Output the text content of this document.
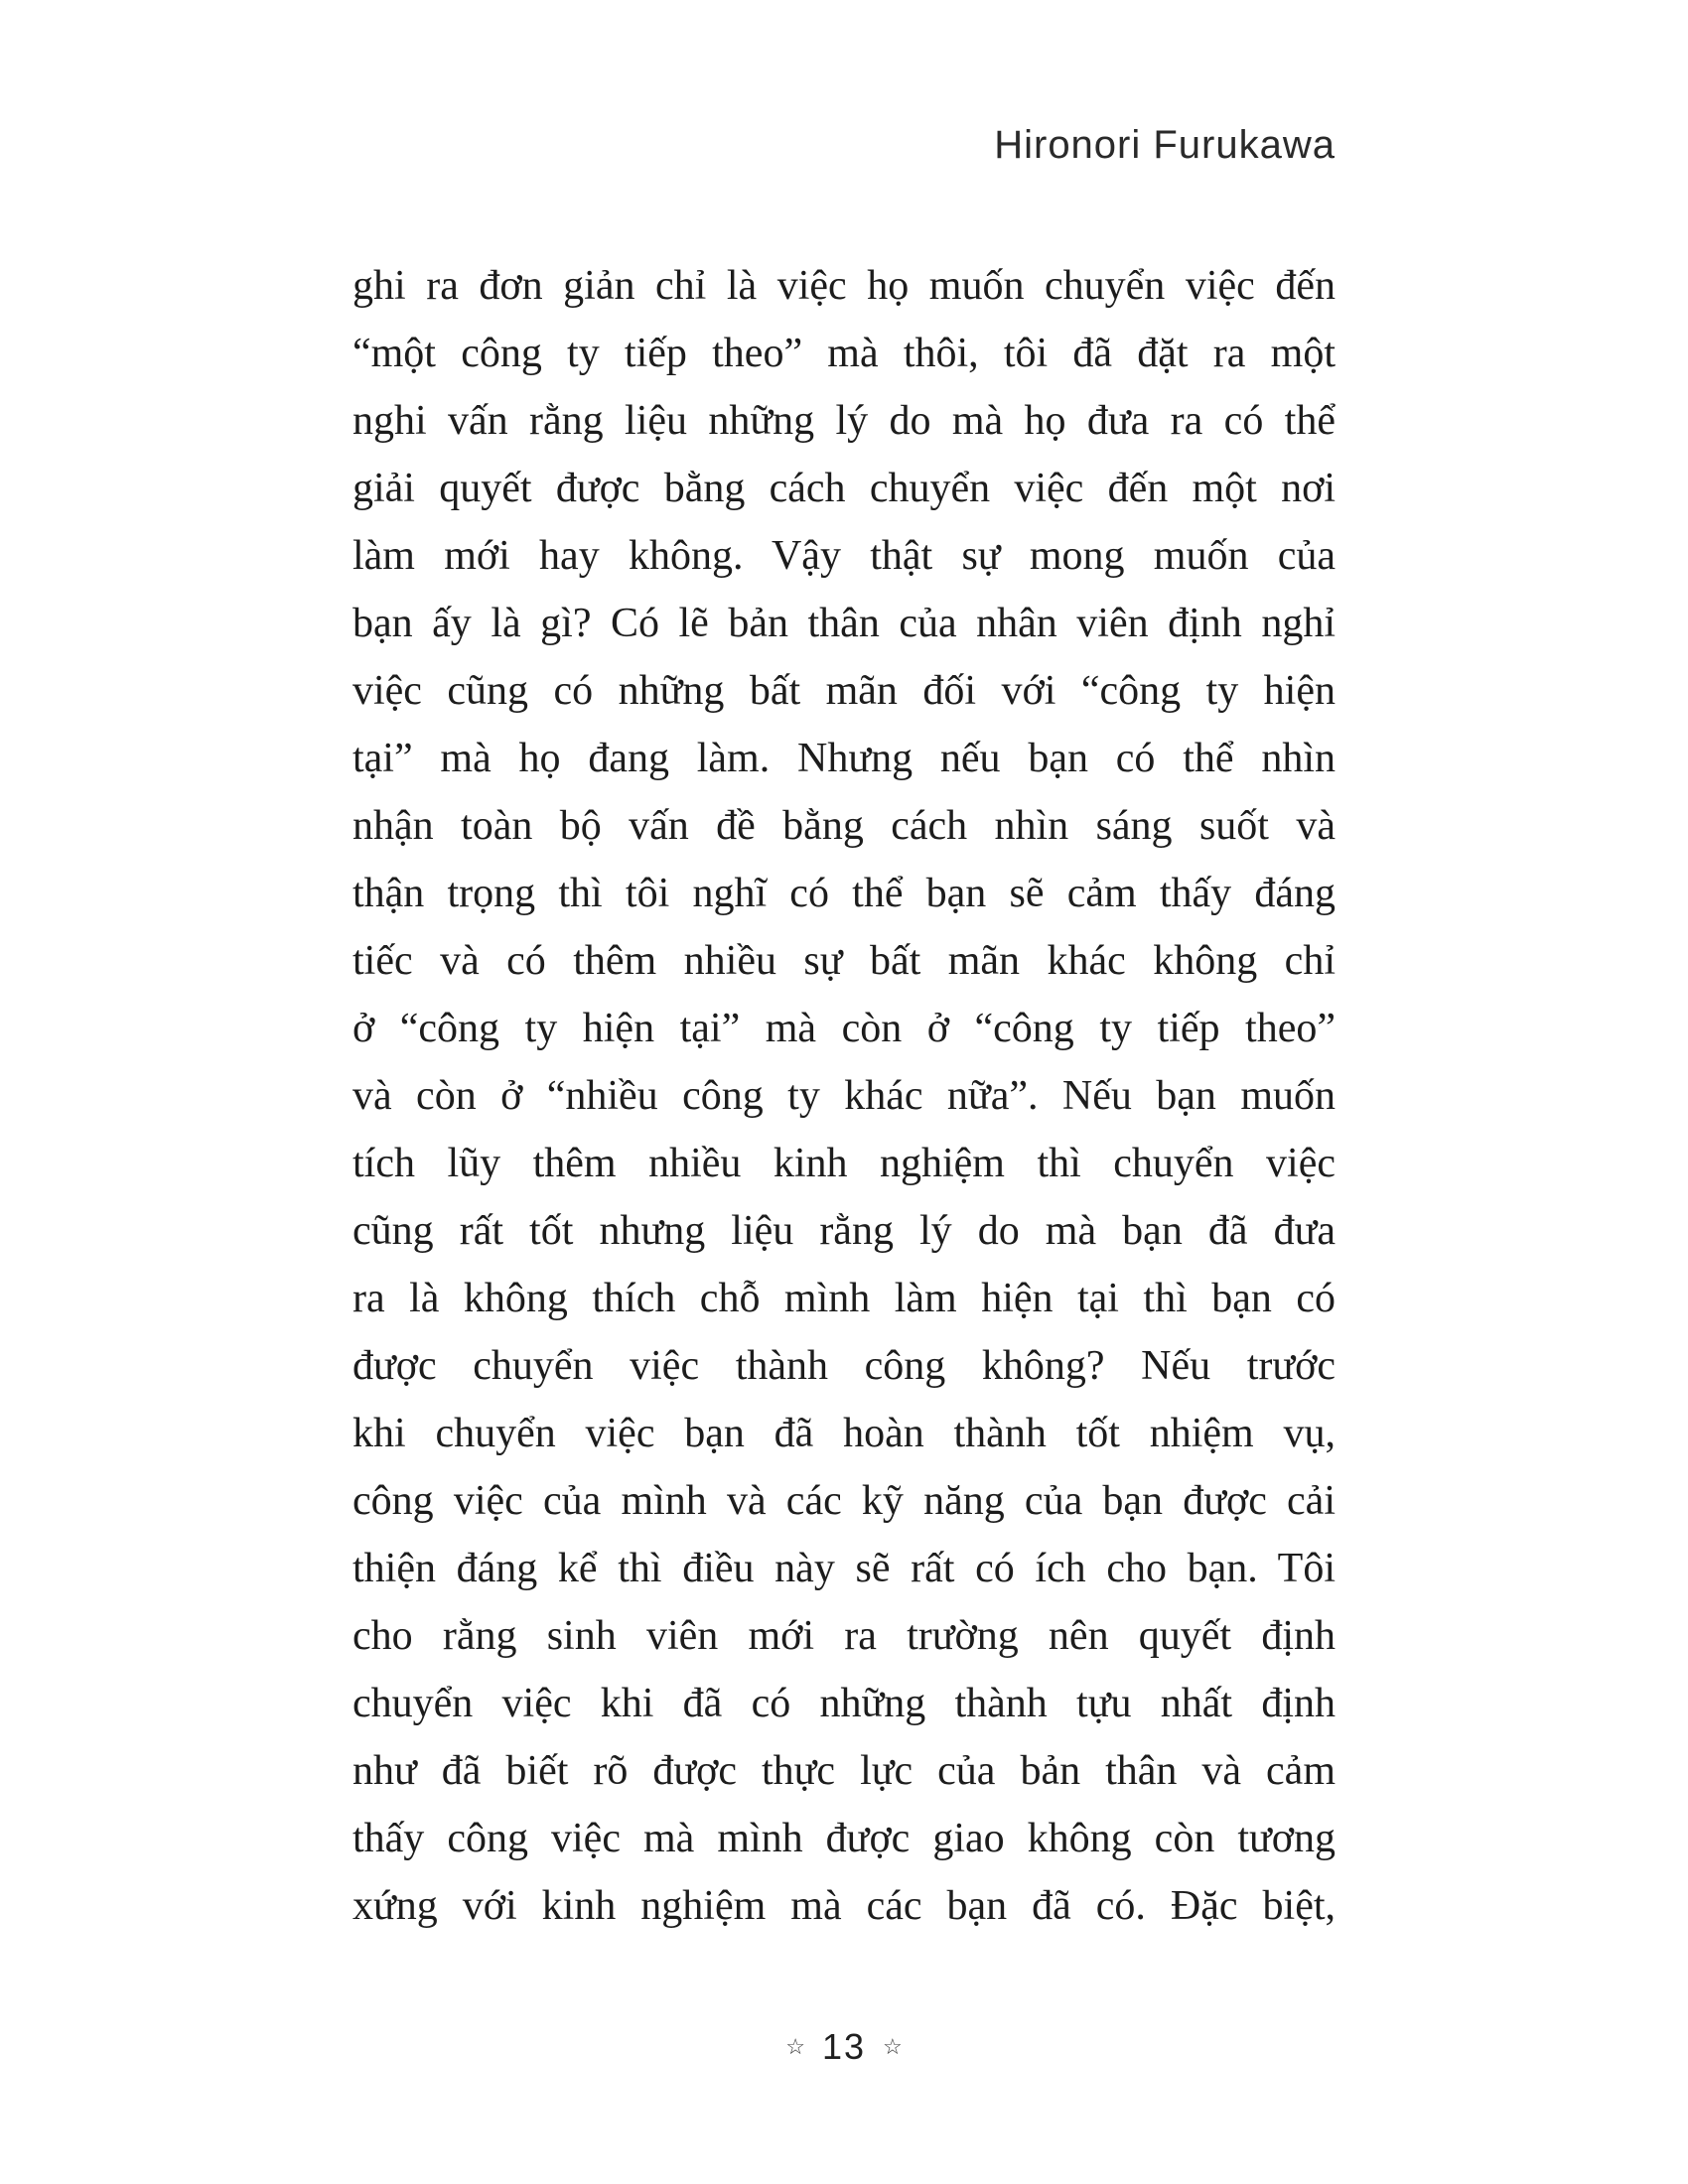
Hironori Furukawa
ghi ra đơn giản chỉ là việc họ muốn chuyển việc đến
“một công ty tiếp theo” mà thôi, tôi đã đặt ra một
nghi vấn rằng liệu những lý do mà họ đưa ra có thể
giải quyết được bằng cách chuyển việc đến một nơi
làm mới hay không. Vậy thật sự mong muốn của
bạn ấy là gì? Có lẽ bản thân của nhân viên định nghỉ
việc cũng có những bất mãn đối với “công ty hiện
tại” mà họ đang làm. Nhưng nếu bạn có thể nhìn
nhận toàn bộ vấn đề bằng cách nhìn sáng suốt và
thận trọng thì tôi nghĩ có thể bạn sẽ cảm thấy đáng
tiếc và có thêm nhiều sự bất mãn khác không chỉ
ở “công ty hiện tại” mà còn ở “công ty tiếp theo”
và còn ở “nhiều công ty khác nữa”. Nếu bạn muốn
tích lũy thêm nhiều kinh nghiệm thì chuyển việc
cũng rất tốt nhưng liệu rằng lý do mà bạn đã đưa
ra là không thích chỗ mình làm hiện tại thì bạn có
được chuyển việc thành công không? Nếu trước
khi chuyển việc bạn đã hoàn thành tốt nhiệm vụ,
công việc của mình và các kỹ năng của bạn được cải
thiện đáng kể thì điều này sẽ rất có ích cho bạn. Tôi
cho rằng sinh viên mới ra trường nên quyết định
chuyển việc khi đã có những thành tựu nhất định
như đã biết rõ được thực lực của bản thân và cảm
thấy công việc mà mình được giao không còn tương
xứng với kinh nghiệm mà các bạn đã có. Đặc biệt,
☆ 13 ☆
